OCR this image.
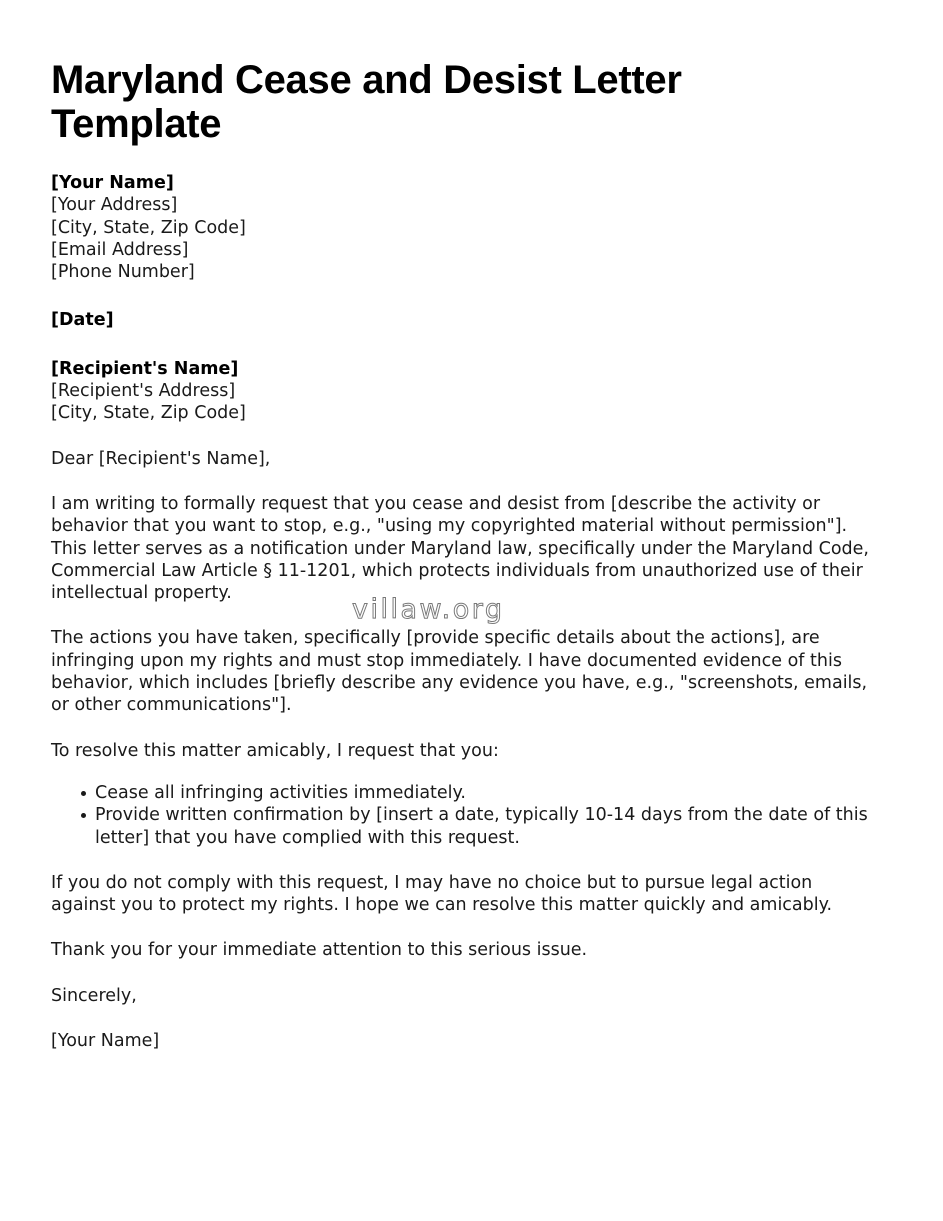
Maryland Cease and Desist Letter Template
[Your Name]
[Your Address]
[City, State, Zip Code]
[Email Address]
[Phone Number]
[Date]
[Recipient's Name]
[Recipient's Address]
[City, State, Zip Code]

Dear [Recipient's Name],

I am writing to formally request that you cease and desist from [describe the activity or behavior that you want to stop, e.g., "using my copyrighted material without permission"]. This letter serves as a notification under Maryland law, specifically under the Maryland Code, Commercial Law Article § 11-1201, which protects individuals from unauthorized use of their intellectual property.

The actions you have taken, specifically [provide specific details about the actions], are infringing upon my rights and must stop immediately. I have documented evidence of this behavior, which includes [briefly describe any evidence you have, e.g., "screenshots, emails, or other communications"].

To resolve this matter amicably, I request that you:

Cease all infringing activities immediately.
Provide written confirmation by [insert a date, typically 10-14 days from the date of this letter] that you have complied with this request.

If you do not comply with this request, I may have no choice but to pursue legal action against you to protect my rights. I hope we can resolve this matter quickly and amicably.

Thank you for your immediate attention to this serious issue.

Sincerely,

[Your Name]

villaw.org
